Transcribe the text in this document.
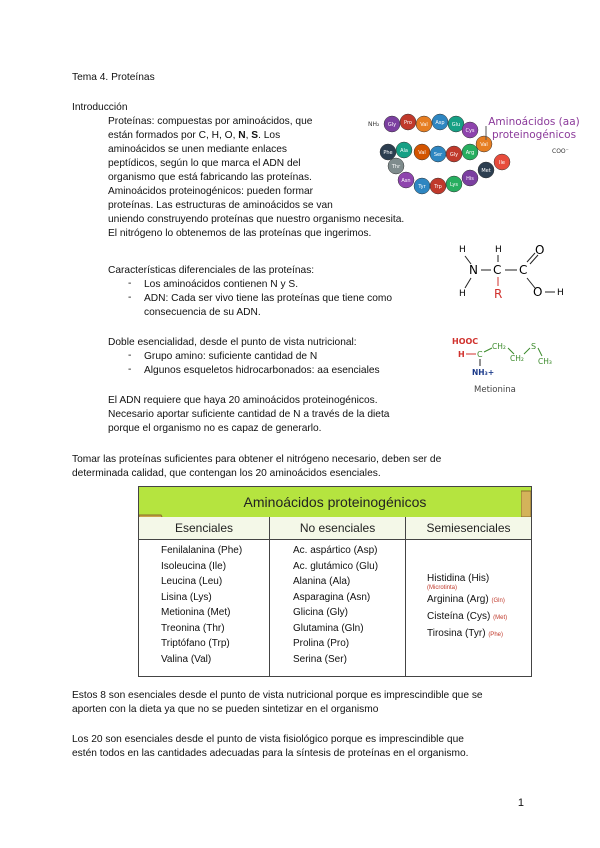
Tema 4. Proteínas
Introducción
Proteínas: compuestas por aminoácidos, que
están formados por C, H, O, N, S. Los
aminoácidos se unen mediante enlaces
peptídicos, según lo que marca el ADN del
organismo que está fabricando las proteínas.
Aminoácidos proteinogénicos: pueden formar
proteínas. Las estructuras de aminoácidos se van
uniendo construyendo proteínas que nuestro organismo necesita.
El nitrógeno lo obtenemos de las proteínas que ingerimos.
Gly Pro Val Asp Glu
Cys
Val
Arg
Gly
Ser
Val
Ala
Phe
Thr
Asn
Tyr Trp Lys
His
Met
Ile
NH₂
COO⁻
Aminoácidos (aa)
proteinogénicos
H
N
H
C
H
R
C
O
O H
Características diferenciales de las proteínas:
- Los aminoácidos contienen N y S.
- ADN: Cada ser vivo tiene las proteínas que tiene como
consecuencia de su ADN.
HOOC
H C
CH₂
CH₂
S
CH₃
NH₃+
Metionina
Doble esencialidad, desde el punto de vista nutricional:
- Grupo amino: suficiente cantidad de N
- Algunos esqueletos hidrocarbonados: aa esenciales
El ADN requiere que haya 20 aminoácidos proteinogénicos.
Necesario aportar suficiente cantidad de N a través de la dieta
porque el organismo no es capaz de generarlo.
Tomar las proteínas suficientes para obtener el nitrógeno necesario, deben ser de
determinada calidad, que contengan los 20 aminoácidos esenciales.
Aminoácidos proteinogénicos
Esenciales	No esenciales	Semiesenciales
Fenilalanina (Phe)
Isoleucina (Ile)
Leucina (Leu)
Lisina (Lys)
Metionina (Met)
Treonina (Thr)
Triptófano (Trp)
Valina (Val)
Ac. aspártico (Asp)
Ac. glutámico (Glu)
Alanina (Ala)
Asparagina (Asn)
Glicina (Gly)
Glutamina (Gln)
Prolina (Pro)
Serina (Ser)
Histidina (His)
(Microtinta)
Arginina (Arg) (Gln)
Cisteína (Cys) (Met)
Tirosina (Tyr) (Phe)
Estos 8 son esenciales desde el punto de vista nutricional porque es imprescindible que se
aporten con la dieta ya que no se pueden sintetizar en el organismo
Los 20 son esenciales desde el punto de vista fisiológico porque es imprescindible que
estén todos en las cantidades adecuadas para la síntesis de proteínas en el organismo.
1
